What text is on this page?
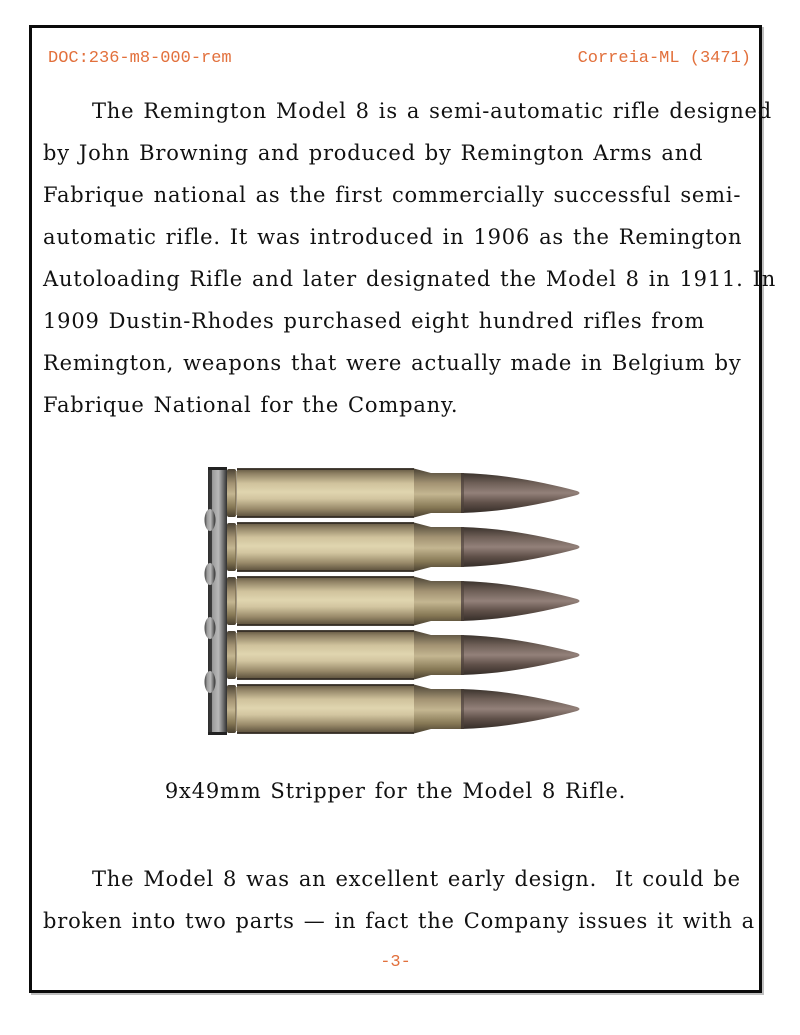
DOC:236-m8-000-rem	Correia-ML (3471)
The Remington Model 8 is a semi-automatic rifle designed
by John Browning and produced by Remington Arms and
Fabrique national as the first commercially successful semi-
automatic rifle. It was introduced in 1906 as the Remington
Autoloading Rifle and later designated the Model 8 in 1911. In
1909 Dustin-Rhodes purchased eight hundred rifles from
Remington, weapons that were actually made in Belgium by
Fabrique National for the Company.
9x49mm Stripper for the Model 8 Rifle.
The Model 8 was an excellent early design.  It could be
broken into two parts — in fact the Company issues it with a
-3-
